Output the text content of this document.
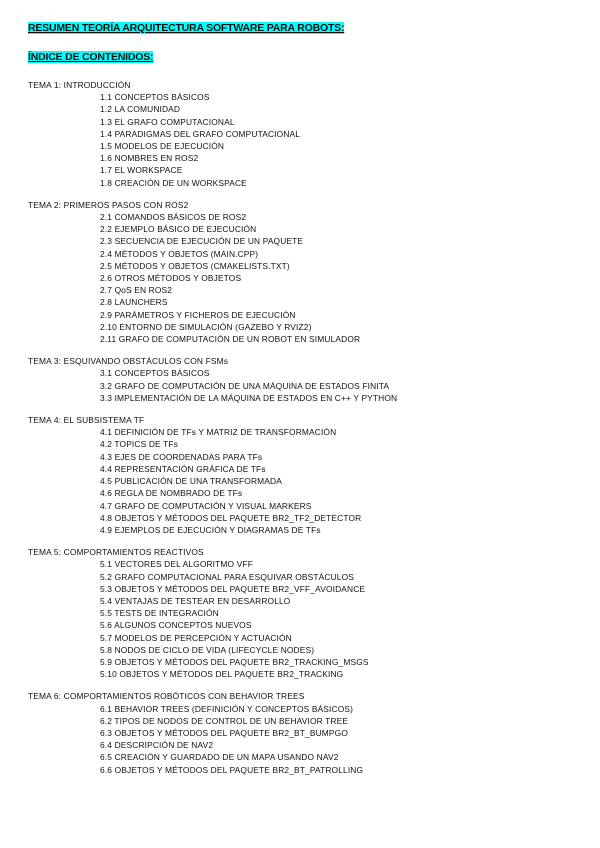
RESUMEN TEORÍA ARQUITECTURA SOFTWARE PARA ROBOTS:
ÍNDICE DE CONTENIDOS:
TEMA 1: INTRODUCCIÓN
1.1 CONCEPTOS BÁSICOS
1.2 LA COMUNIDAD
1.3 EL GRAFO COMPUTACIONAL
1.4 PARADIGMAS DEL GRAFO COMPUTACIONAL
1.5 MODELOS DE EJECUCIÓN
1.6 NOMBRES EN ROS2
1.7 EL WORKSPACE
1.8 CREACIÓN DE UN WORKSPACE
TEMA 2: PRIMEROS PASOS CON ROS2
2.1 COMANDOS BÁSICOS DE ROS2
2.2 EJEMPLO BÁSICO DE EJECUCIÓN
2.3 SECUENCIA DE EJECUCIÓN DE UN PAQUETE
2.4 MÉTODOS Y OBJETOS (MAIN.CPP)
2.5 MÉTODOS Y OBJETOS (CMAKELISTS.TXT)
2.6 OTROS MÉTODOS Y OBJETOS
2.7 QoS EN ROS2
2.8 LAUNCHERS
2.9 PARÁMETROS Y FICHEROS DE EJECUCIÓN
2.10 ENTORNO DE SIMULACIÓN (GAZEBO Y RVIZ2)
2.11 GRAFO DE COMPUTACIÓN DE UN ROBOT EN SIMULADOR
TEMA 3: ESQUIVANDO OBSTÁCULOS CON FSMs
3.1 CONCEPTOS BÁSICOS
3.2 GRAFO DE COMPUTACIÓN DE UNA MÁQUINA DE ESTADOS FINITA
3.3 IMPLEMENTACIÓN DE LA MÁQUINA DE ESTADOS EN C++ Y PYTHON
TEMA 4: EL SUBSISTEMA TF
4.1 DEFINICIÓN DE TFs Y MATRIZ DE TRANSFORMACIÓN
4.2 TOPICS DE TFs
4.3 EJES DE COORDENADAS PARA TFs
4.4 REPRESENTACIÓN GRÁFICA DE TFs
4.5 PUBLICACIÓN DE UNA TRANSFORMADA
4.6 REGLA DE NOMBRADO DE TFs
4.7 GRAFO DE COMPUTACIÓN Y VISUAL MARKERS
4.8 OBJETOS Y MÉTODOS DEL PAQUETE BR2_TF2_DETECTOR
4.9 EJEMPLOS DE EJECUCIÓN Y DIAGRAMAS DE TFs
TEMA 5: COMPORTAMIENTOS REACTIVOS
5.1 VECTORES DEL ALGORITMO VFF
5.2 GRAFO COMPUTACIONAL PARA ESQUIVAR OBSTÁCULOS
5.3 OBJETOS Y MÉTODOS DEL PAQUETE BR2_VFF_AVOIDANCE
5.4 VENTAJAS DE TESTEAR EN DESARROLLO
5.5 TESTS DE INTEGRACIÓN
5.6 ALGUNOS CONCEPTOS NUEVOS
5.7 MODELOS DE PERCEPCIÓN Y ACTUACIÓN
5.8 NODOS DE CICLO DE VIDA (LIFECYCLE NODES)
5.9 OBJETOS Y MÉTODOS DEL PAQUETE BR2_TRACKING_MSGS
5.10 OBJETOS Y MÉTODOS DEL PAQUETE BR2_TRACKING
TEMA 6: COMPORTAMIENTOS ROBÓTICOS CON BEHAVIOR TREES
6.1 BEHAVIOR TREES (DEFINICIÓN Y CONCEPTOS BÁSICOS)
6.2 TIPOS DE NODOS DE CONTROL DE UN BEHAVIOR TREE
6.3 OBJETOS Y MÉTODOS DEL PAQUETE BR2_BT_BUMPGO
6.4 DESCRIPCIÓN DE NAV2
6.5 CREACIÓN Y GUARDADO DE UN MAPA USANDO NAV2
6.6 OBJETOS Y MÉTODOS DEL PAQUETE BR2_BT_PATROLLING
